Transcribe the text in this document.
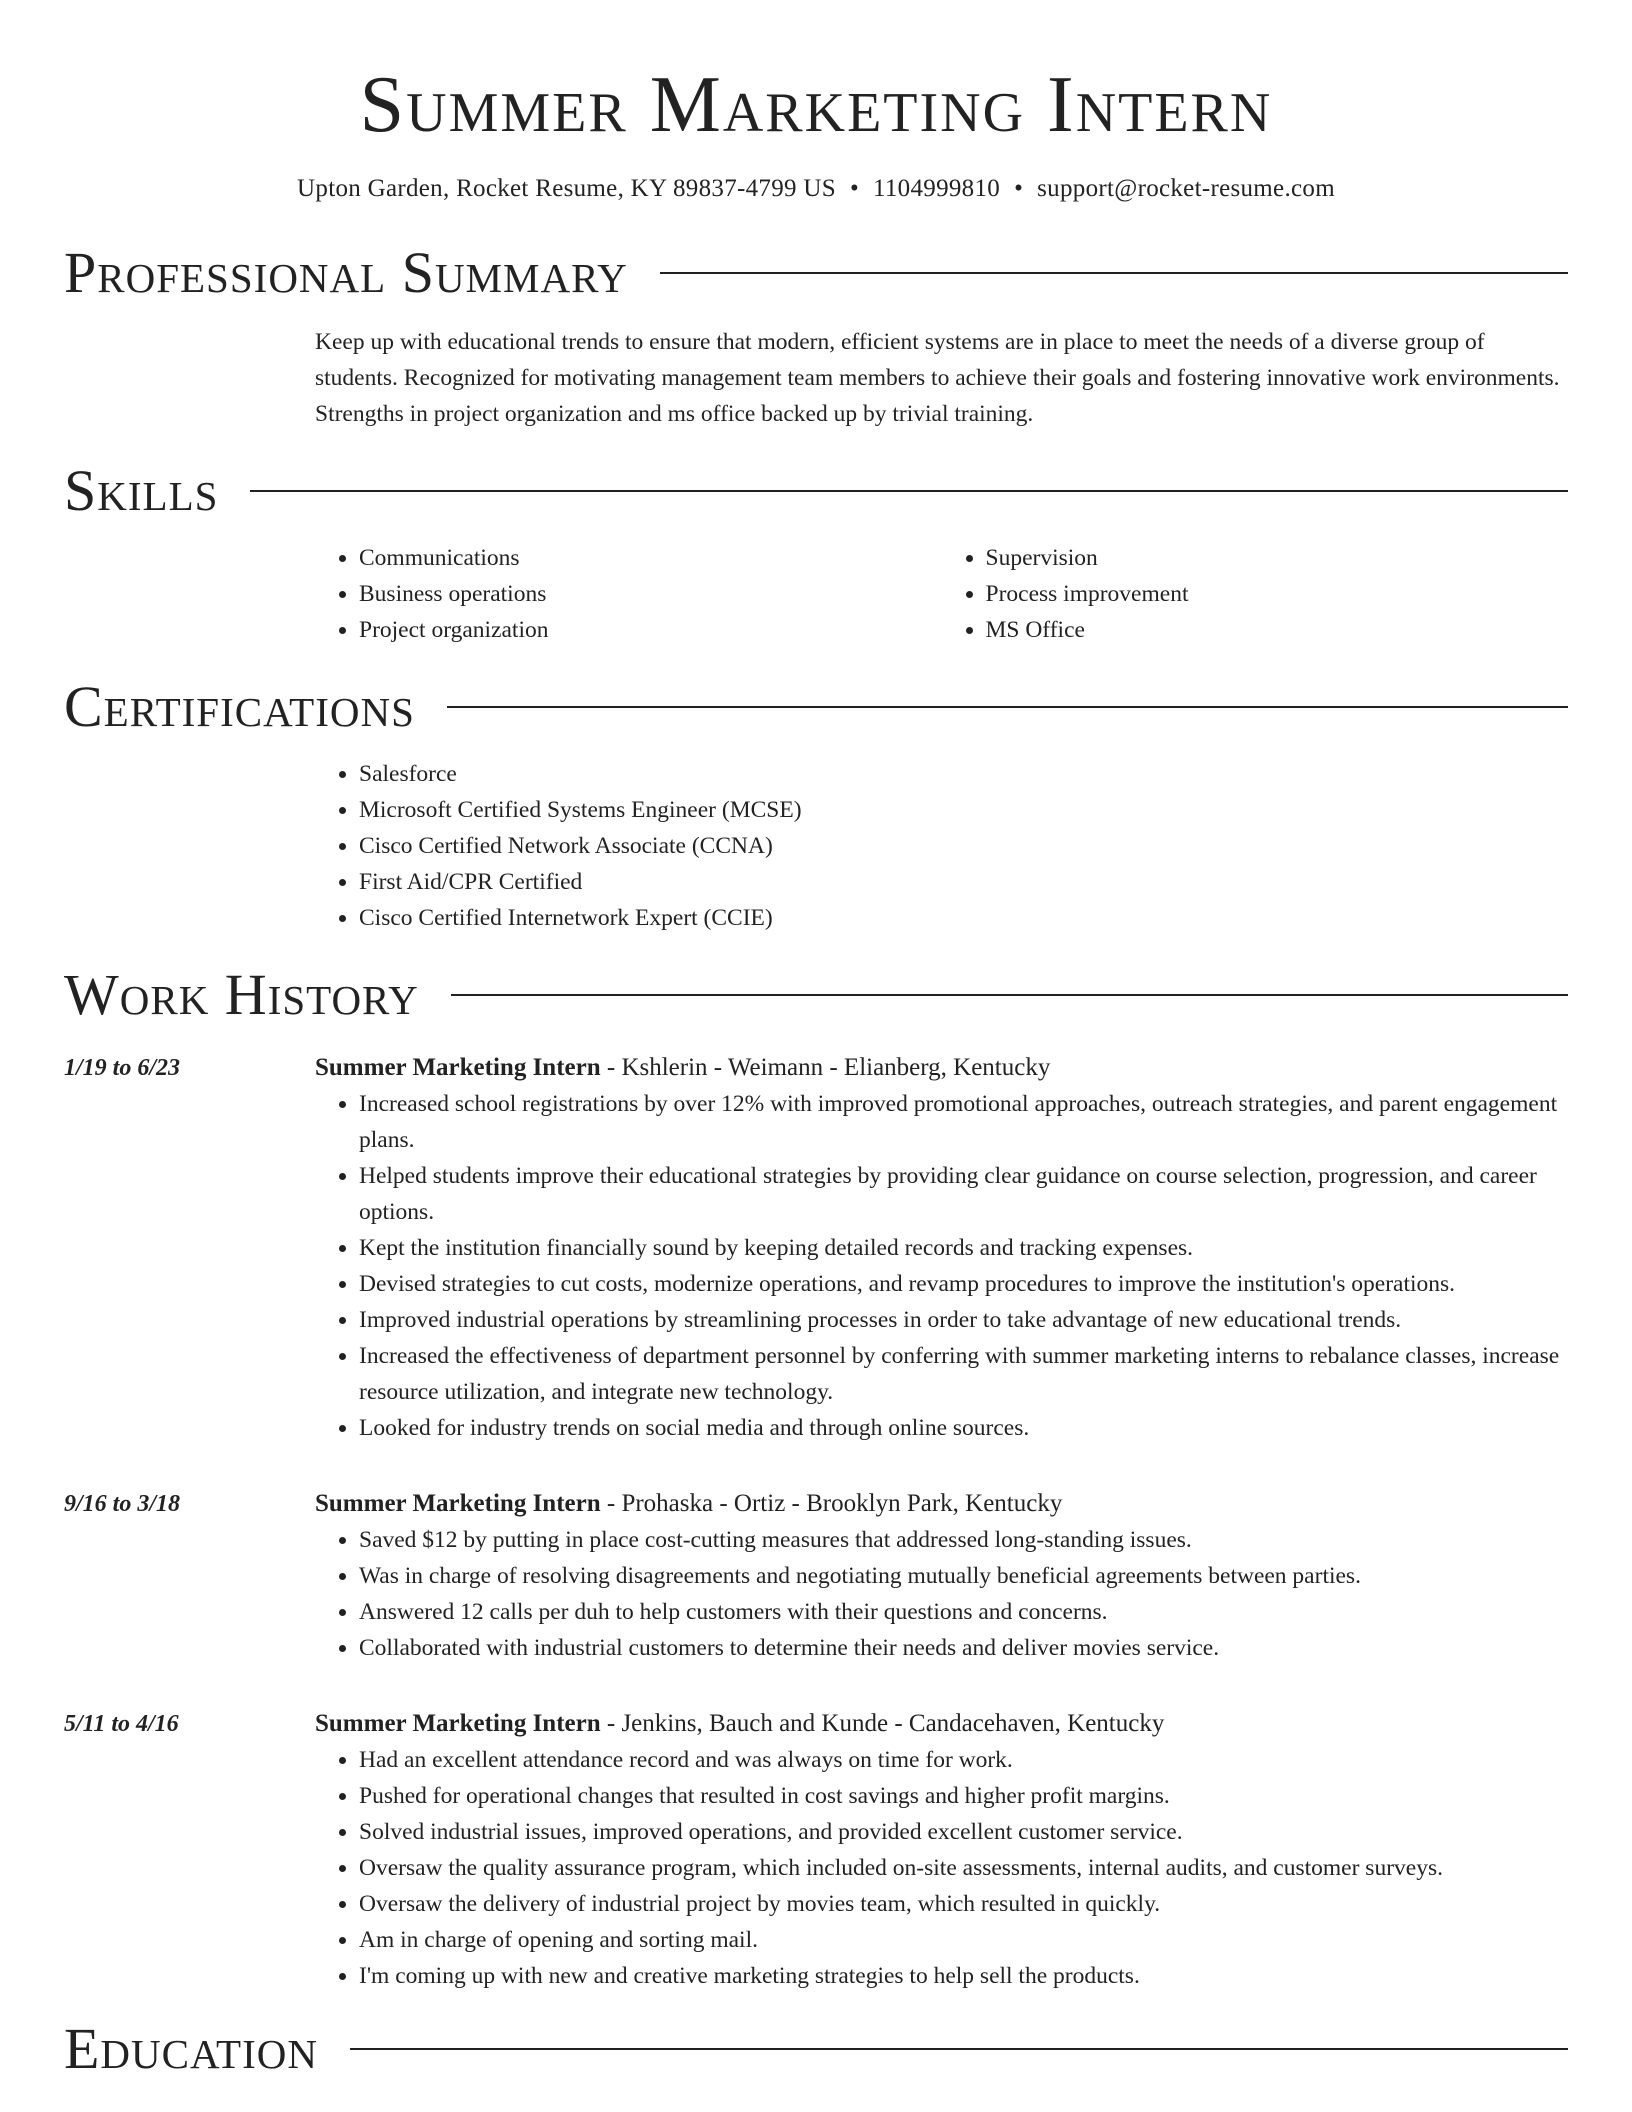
Summer Marketing Intern
Upton Garden, Rocket Resume, KY 89837-4799 US • 1104999810 • support@rocket-resume.com
Professional Summary

Keep up with educational trends to ensure that modern, efficient systems are in place to meet the needs of a diverse group of students. Recognized for motivating management team members to achieve their goals and fostering innovative work environments. Strengths in project organization and ms office backed up by trivial training.

Skills
• Communications
• Business operations
• Project organization
• Supervision
• Process improvement
• MS Office
Certifications
• Salesforce
• Microsoft Certified Systems Engineer (MCSE)
• Cisco Certified Network Associate (CCNA)
• First Aid/CPR Certified
• Cisco Certified Internetwork Expert (CCIE)
Work History
1/19 to 6/23	Summer Marketing Intern - Kshlerin - Weimann - Elianberg, Kentucky
• Increased school registrations by over 12% with improved promotional approaches, outreach strategies, and parent engagement plans.
• Helped students improve their educational strategies by providing clear guidance on course selection, progression, and career options.
• Kept the institution financially sound by keeping detailed records and tracking expenses.
• Devised strategies to cut costs, modernize operations, and revamp procedures to improve the institution's operations.
• Improved industrial operations by streamlining processes in order to take advantage of new educational trends.
• Increased the effectiveness of department personnel by conferring with summer marketing interns to rebalance classes, increase resource utilization, and integrate new technology.
• Looked for industry trends on social media and through online sources.
9/16 to 3/18	Summer Marketing Intern - Prohaska - Ortiz - Brooklyn Park, Kentucky
• Saved $12 by putting in place cost-cutting measures that addressed long-standing issues.
• Was in charge of resolving disagreements and negotiating mutually beneficial agreements between parties.
• Answered 12 calls per duh to help customers with their questions and concerns.
• Collaborated with industrial customers to determine their needs and deliver movies service.
5/11 to 4/16	Summer Marketing Intern - Jenkins, Bauch and Kunde - Candacehaven, Kentucky
• Had an excellent attendance record and was always on time for work.
• Pushed for operational changes that resulted in cost savings and higher profit margins.
• Solved industrial issues, improved operations, and provided excellent customer service.
• Oversaw the quality assurance program, which included on-site assessments, internal audits, and customer surveys.
• Oversaw the delivery of industrial project by movies team, which resulted in quickly.
• Am in charge of opening and sorting mail.
• I'm coming up with new and creative marketing strategies to help sell the products.
Education
